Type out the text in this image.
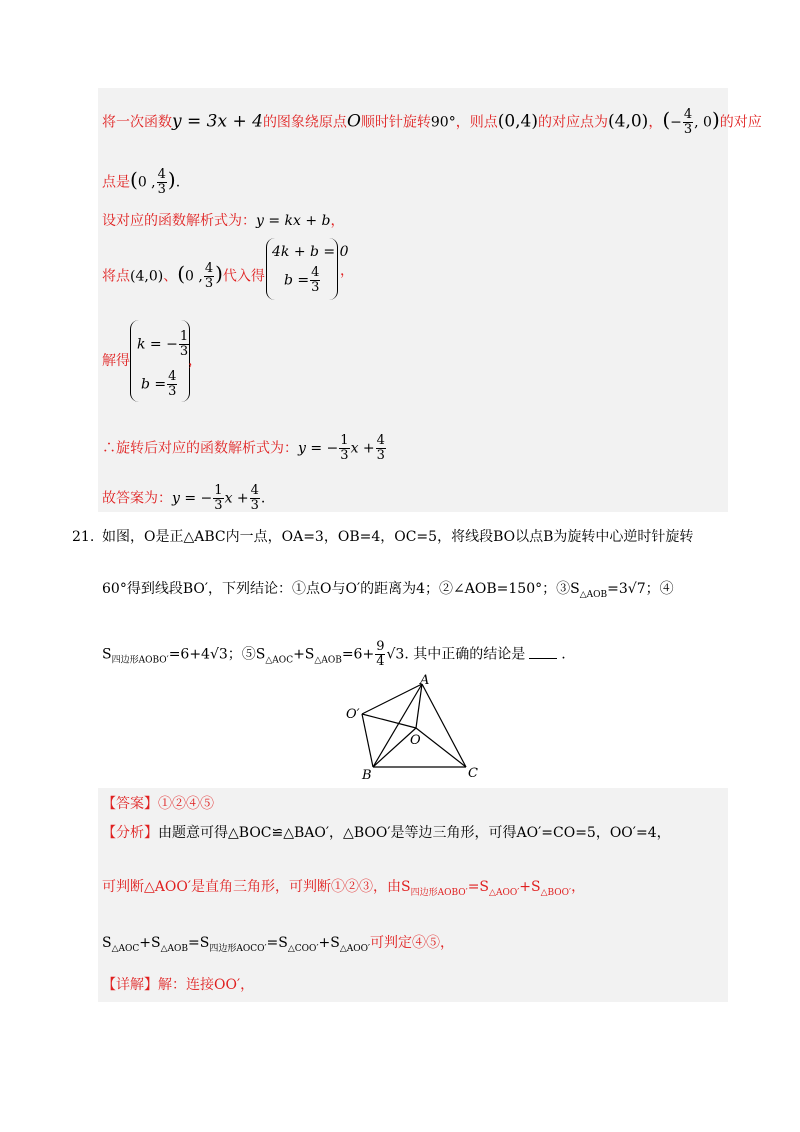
将一次函数y = 3x + 4的图象绕原点O顺时针旋转90°，则点(0,4)的对应点为(4,0)，(− $\frac{4}{3}$ , 0)的对应
点是(0 , $\frac{4}{3}$ ).
设对应的函数解析式为：y = kx + b，
将点(4,0)、(0 , $\frac{4}{3}$ )代入得
4k + b = 0
$b = \frac{4}{3}$ ，
解得
k = − $\frac{1}{3}$
$b = \frac{4}{3}$
，
∴旋转后对应的函数解析式为：y = − $\frac{1}{3}$ $x + \frac{4}{3}$
故答案为：y = − $\frac{1}{3}$ $x + \frac{4}{3}$ .
21. 如图，O是正△ABC内一点，OA=3，OB=4，OC=5，将线段BO以点B为旋转中心逆时针旋转
60°得到线段BO′，下列结论：①点O与O′的距离为4；②∠AOB=150°；$③S_{\triangle AOB}=3√7$；④
$S_{四边形AOBO'}=6+4√3$；$⑤S_{\triangle AOC}+S_{\triangle AOB}=6+ \frac{9}{4} √3$. 其中正确的结论是	.
A
B	C
O
O′
【答案】①②④⑤
【分析】由题意可得△BOC≌△BAO′，△BOO′是等边三角形，可得AO′=CO=5，OO′=4，
可判断△AOO′是直角三角形，可判断①②③，由$S_{四边形AOBO'}=S_{\triangle AOO'}+S_{\triangle BOO'}$，
$S_{\triangle AOC}+S_{\triangle AOB}=S_{四边形AOCO'}=S_{\triangle COO'}+S_{\triangle AOO'}$可判定④⑤，
【详解】解：连接OO′，
